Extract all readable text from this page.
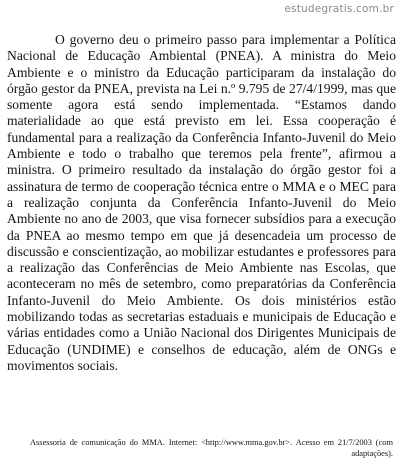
estudegratis.com.br

O governo deu o primeiro passo para implementar a Política Nacional de Educação Ambiental (PNEA). A ministra do Meio Ambiente e o ministro da Educação participaram da instalação do órgão gestor da PNEA, prevista na Lei n.º 9.795 de 27/4/1999, mas que somente agora está sendo implementada. “Estamos dando materialidade ao que está previsto em lei. Essa cooperação é fundamental para a realização da Conferência Infanto-Juvenil do Meio Ambiente e todo o trabalho que teremos pela frente”, afirmou a ministra. O primeiro resultado da instalação do órgão gestor foi a assinatura de termo de cooperação técnica entre o MMA e o MEC para a realização conjunta da Conferência Infanto-Juvenil do Meio Ambiente no ano de 2003, que visa fornecer subsídios para a execução da PNEA ao mesmo tempo em que já desencadeia um processo de discussão e conscientização, ao mobilizar estudantes e professores para a realização das Conferências de Meio Ambiente nas Escolas, que aconteceram no mês de setembro, como preparatórias da Conferência Infanto-Juvenil do Meio Ambiente. Os dois ministérios estão mobilizando todas as secretarias estaduais e municipais de Educação e várias entidades como a União Nacional dos Dirigentes Municipais de Educação (UNDIME) e conselhos de educação, além de ONGs e movimentos sociais.

Assessoria de comunicação do MMA. Internet: <http://www.mma.gov.br>. Acesso em 21/7/2003 (com adaptações).
